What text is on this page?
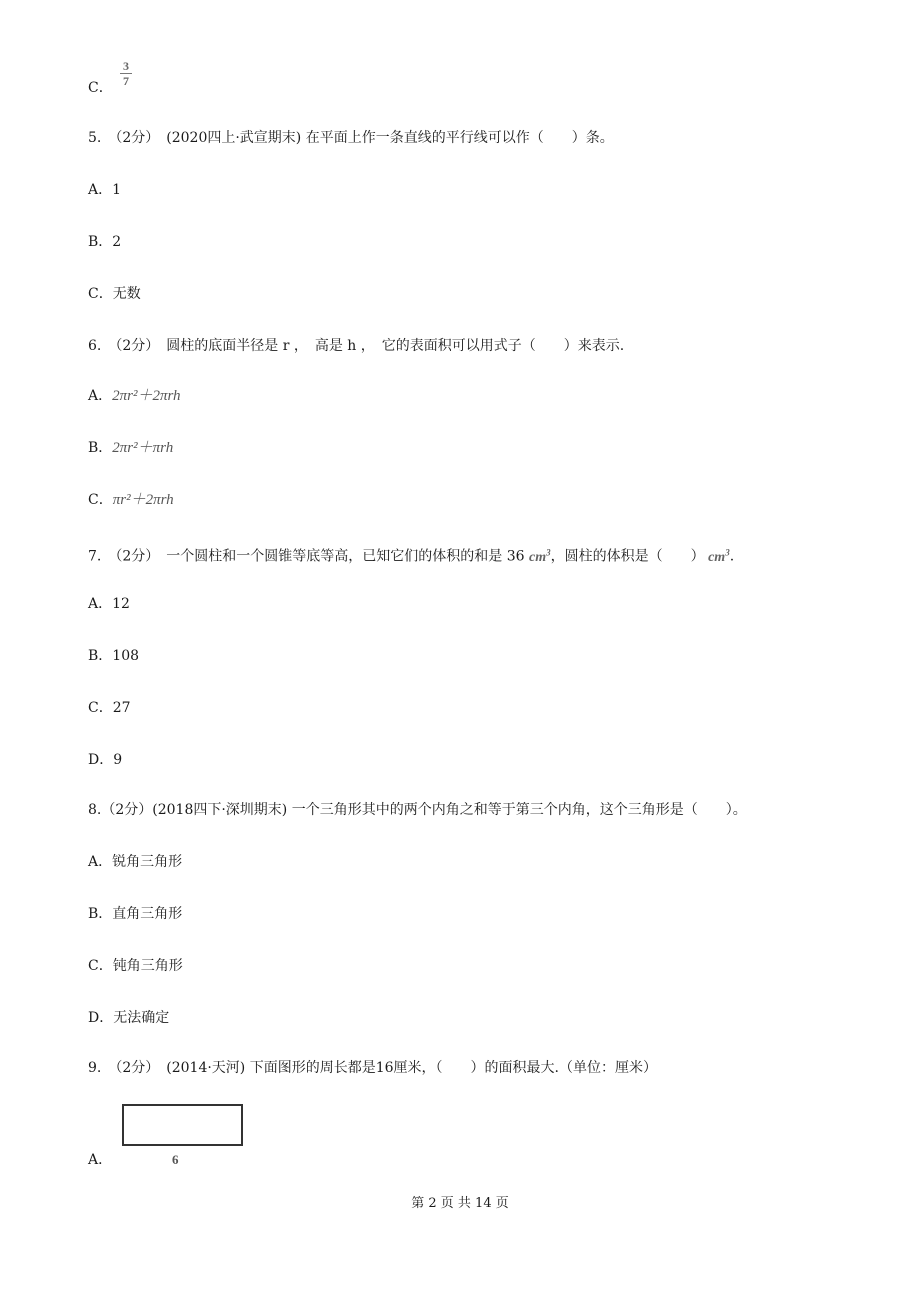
C．
3
7
5.　（2分）　(2020四上·武宣期末) 在平面上作一条直线的平行线可以作（　　）条。
A．1
B．2
C．无数
6.　（2分）　圆柱的底面半径是 r ，　高是 h ，　它的表面积可以用式子（　　）来表示.
A．2πr²＋2πrh
B．2πr²＋πrh
C．πr²＋2πrh
7.　（2分）　一个圆柱和一个圆锥等底等高，已知它们的体积的和是 36 $cm^3$，圆柱的体积是（　　） $cm^3$.
A．12
B．108
C．27
D．9
8.（2分）(2018四下·深圳期末) 一个三角形其中的两个内角之和等于第三个内角，这个三角形是（　　）。
A．锐角三角形
B．直角三角形
C．钝角三角形
D．无法确定
9.　（2分）　(2014·天河) 下面图形的周长都是16厘米，（　　）的面积最大.（单位：厘米）
A．	6
第 2 页 共 14 页
